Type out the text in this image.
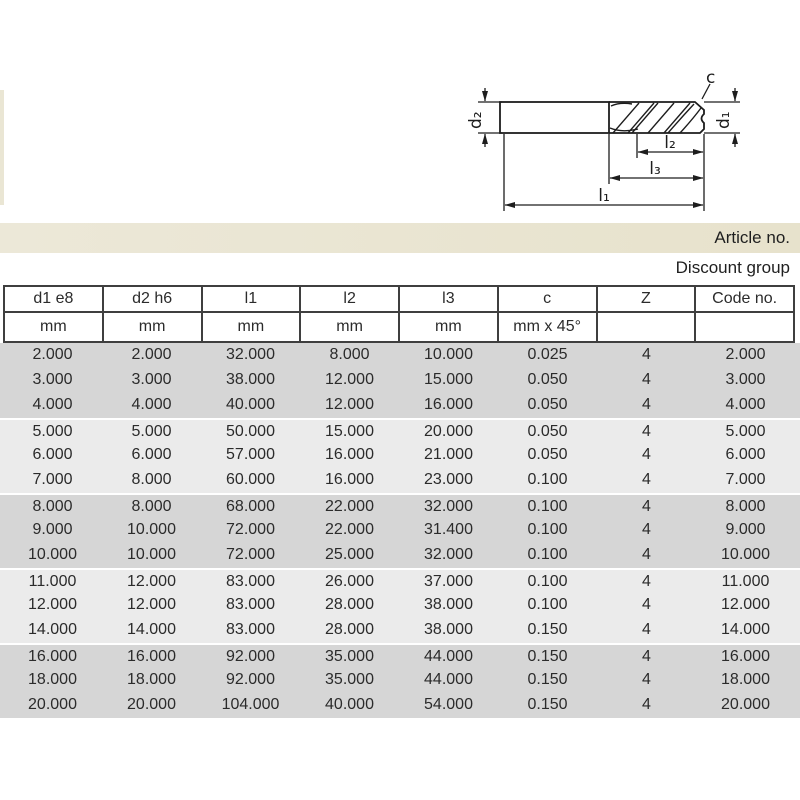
d₂	d₁
c
l₂
l₃
l₁
Article no.
Discount group
d1 e8	d2 h6	l1	l2	l3	c	Z	Code no.
mm	mm	mm	mm	mm	mm x 45°
2.000	2.000	32.000	8.000	10.000	0.025	4	2.000
3.000	3.000	38.000	12.000	15.000	0.050	4	3.000
4.000	4.000	40.000	12.000	16.000	0.050	4	4.000
5.000	5.000	50.000	15.000	20.000	0.050	4	5.000
6.000	6.000	57.000	16.000	21.000	0.050	4	6.000
7.000	8.000	60.000	16.000	23.000	0.100	4	7.000
8.000	8.000	68.000	22.000	32.000	0.100	4	8.000
9.000	10.000	72.000	22.000	31.400	0.100	4	9.000
10.000	10.000	72.000	25.000	32.000	0.100	4	10.000
11.000	12.000	83.000	26.000	37.000	0.100	4	11.000
12.000	12.000	83.000	28.000	38.000	0.100	4	12.000
14.000	14.000	83.000	28.000	38.000	0.150	4	14.000
16.000	16.000	92.000	35.000	44.000	0.150	4	16.000
18.000	18.000	92.000	35.000	44.000	0.150	4	18.000
20.000	20.000	104.000	40.000	54.000	0.150	4	20.000
